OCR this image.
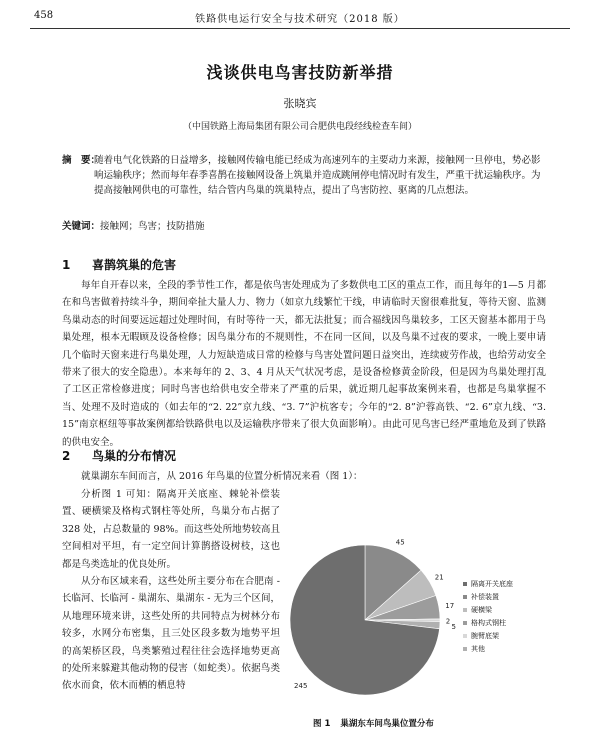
458	铁路供电运行安全与技术研究（2018 版）
浅谈供电鸟害技防新举措
张晓宾
（中国铁路上海局集团有限公司合肥供电段经线检查车间）
摘　要：
随着电气化铁路的日益增多，接触网传输电能已经成为高速列车的主要动力来源，接触网一旦停电，势必影响运输秩序；然而每年春季喜鹊在接触网设备上筑巢并造成跳闸停电情况时有发生，严重干扰运输秩序。为提高接触网供电的可靠性，结合管内鸟巢的筑巢特点，提出了鸟害防控、驱离的几点想法。
关键词：接触网；鸟害；技防措施
1 喜鹊筑巢的危害
每年自开春以来，全段的季节性工作，都是依鸟害处理成为了多数供电工区的重点工作，而且每年的1—5 月都在和鸟害做着持续斗争，期间牵扯大量人力、物力（如京九线繁忙干线，申请临时天窗很难批复，等待天窗、监测鸟巢动态的时间要远远超过处理时间，有时等待一天，都无法批复；而合福线因鸟巢较多，工区天窗基本都用于鸟巢处理，根本无暇顾及设备检修；因鸟巢分布的不规则性，不在同一区间，以及鸟巢不过夜的要求，一晚上要申请几个临时天窗来进行鸟巢处理，人力短缺造成日常的检修与鸟害处置问题日益突出，连续疲劳作战，也给劳动安全带来了很大的安全隐患）。本来每年的 2、3、4 月从天气状况考虑，是设备检修黄金阶段，但是因为鸟巢处理打乱了工区正常检修进度；同时鸟害也给供电安全带来了严重的后果，就近期几起事故案例来看，也都是鸟巢掌握不当、处理不及时造成的（如去年的“2. 22”京九线、“3. 7”沪杭客专；今年的“2. 8”沪蓉高铁、“2. 6”京九线、“3. 15”南京枢纽等事故案例都给铁路供电以及运输秩序带来了很大负面影响）。由此可见鸟害已经严重地危及到了铁路的供电安全。
2 鸟巢的分布情况
就巢湖东车间而言，从 2016 年鸟巢的位置分析情况来看（图 1）：
分析图 1 可知：隔离开关底座、棘轮补偿装置、硬横梁及格构式钢柱等处所，鸟巢分布占据了 328 处，占总数量的 98%。而这些处所地势较高且空间相对平坦，有一定空间计算鹊搭设树枝，这也都是鸟类选址的优良处所。
从分布区域来看，这些处所主要分布在合肥南 - 长临河、长临河 - 巢湖东、巢湖东 - 无为三个区间，从地理环境来讲，这些处所的共同特点为树林分布较多，水网分布密集，且三处区段多数为地势平坦的高架桥区段，鸟类繁殖过程往往会选择地势更高的处所来躲避其他动物的侵害（如蛇类）。依据鸟类依水而食，依木而栖的栖息特
45
21
17
2
5
245
隔离开关底座
补偿装置
硬横梁
格构式钢柱
腕臂底架
其他
图 1 巢湖东车间鸟巢位置分布
